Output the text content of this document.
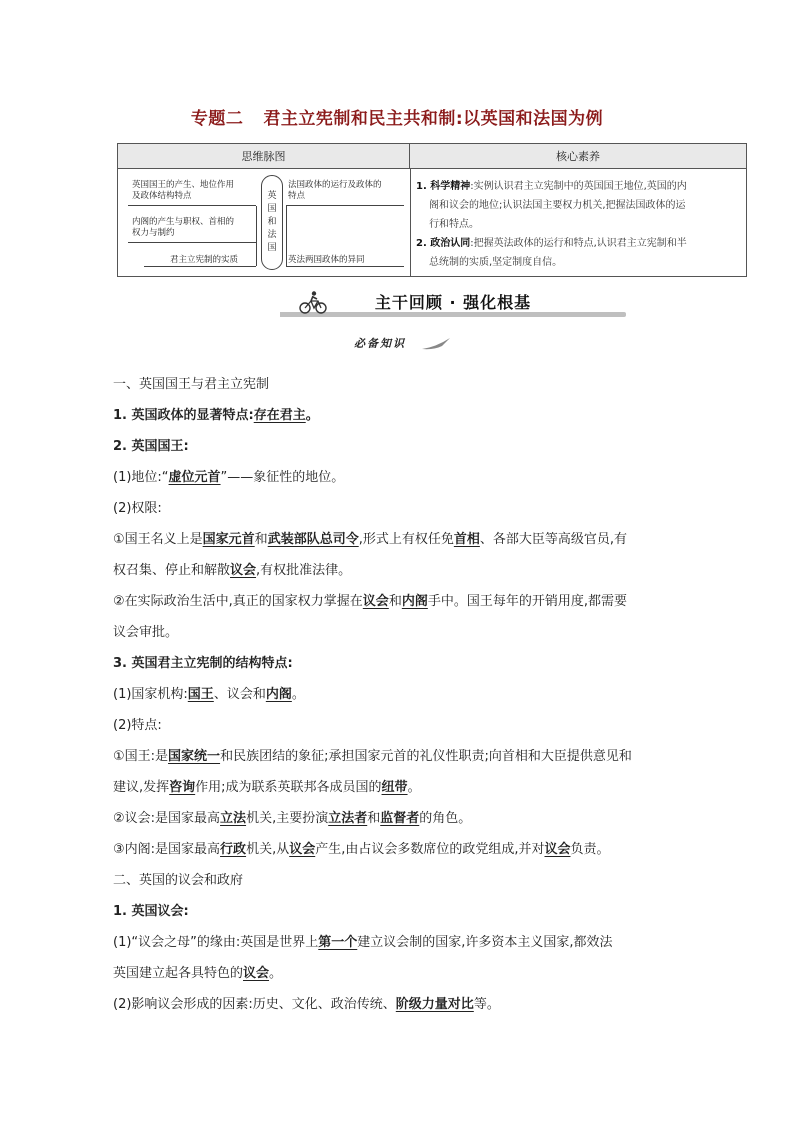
专题二 君主立宪制和民主共和制:以英国和法国为例
思维脉图	核心素养
英国国王的产生、地位作用
及政体结构特点
内阁的产生与职权、首相的
权力与制约
君主立宪制的实质
英
国
和
法
国
法国政体的运行及政体的
特点
英法两国政体的异同
1. 科学精神:实例认识君主立宪制中的英国国王地位,英国的内
阁和议会的地位;认识法国主要权力机关,把握法国政体的运
行和特点。
2. 政治认同:把握英法政体的运行和特点,认识君主立宪制和半
总统制的实质,坚定制度自信。
主干回顾 · 强化根基
必备知识
一、英国国王与君主立宪制
1. 英国政体的显著特点:存在君主。
2. 英国国王:
(1)地位:“虚位元首”——象征性的地位。
(2)权限:
①国王名义上是国家元首和武装部队总司令,形式上有权任免首相、各部大臣等高级官员,有
权召集、停止和解散议会,有权批准法律。
②在实际政治生活中,真正的国家权力掌握在议会和内阁手中。国王每年的开销用度,都需要
议会审批。
3. 英国君主立宪制的结构特点:
(1)国家机构:国王、议会和内阁。
(2)特点:
①国王:是国家统一和民族团结的象征;承担国家元首的礼仪性职责;向首相和大臣提供意见和
建议,发挥咨询作用;成为联系英联邦各成员国的纽带。
②议会:是国家最高立法机关,主要扮演立法者和监督者的角色。
③内阁:是国家最高行政机关,从议会产生,由占议会多数席位的政党组成,并对议会负责。
二、英国的议会和政府
1. 英国议会:
(1)“议会之母”的缘由:英国是世界上第一个建立议会制的国家,许多资本主义国家,都效法
英国建立起各具特色的议会。
(2)影响议会形成的因素:历史、文化、政治传统、阶级力量对比等。
